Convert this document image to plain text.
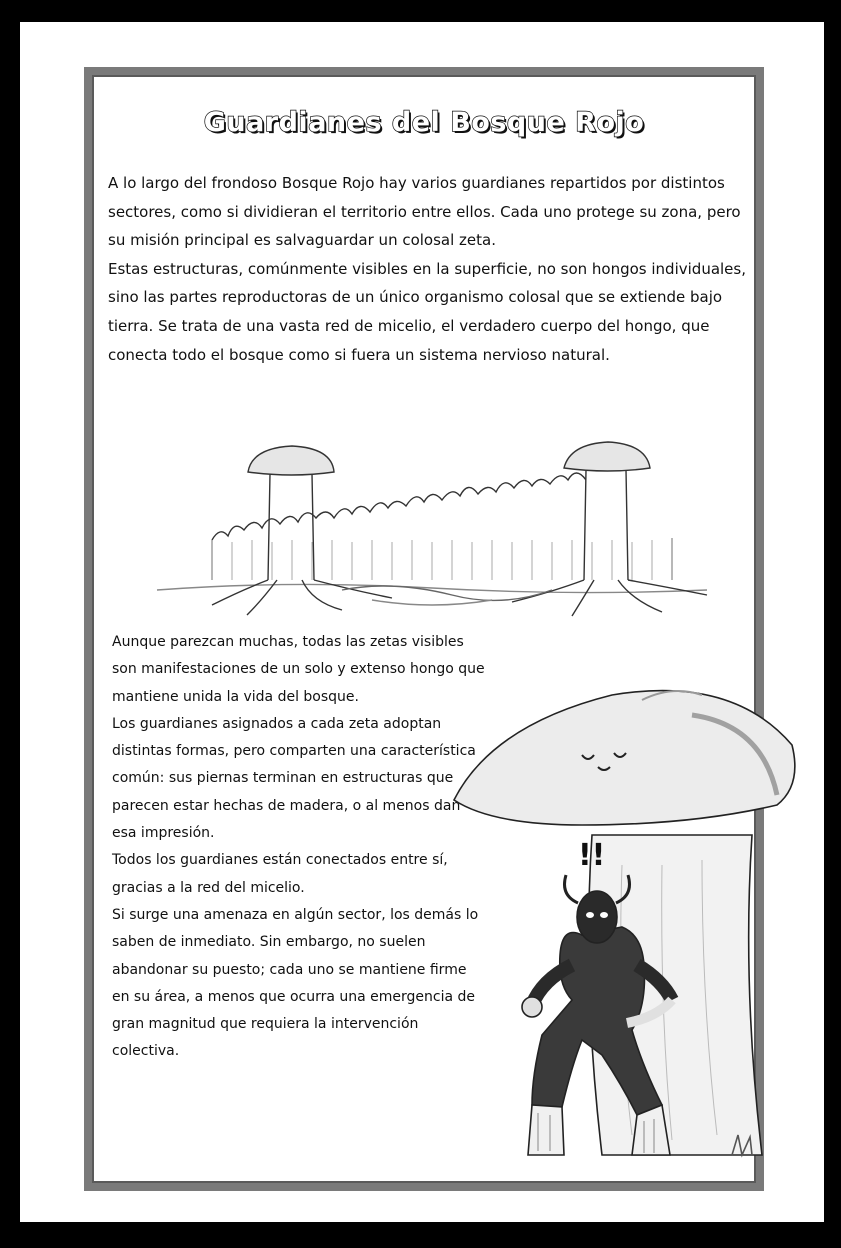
Guardianes del Bosque Rojo

A lo largo del frondoso Bosque Rojo hay varios guardianes repartidos por distintos sectores, como si dividieran el territorio entre ellos. Cada uno protege su zona, pero su misión principal es salvaguardar un colosal zeta.

Estas estructuras, comúnmente visibles en la superficie, no son hongos individuales, sino las partes reproductoras de un único organismo colosal que se extiende bajo tierra. Se trata de una vasta red de micelio, el verdadero cuerpo del hongo, que conecta todo el bosque como si fuera un sistema nervioso natural.

Aunque parezcan muchas, todas las zetas visibles son manifestaciones de un solo y extenso hongo que mantiene unida la vida del bosque.

Los guardianes asignados a cada zeta adoptan distintas formas, pero comparten una característica común: sus piernas terminan en estructuras que parecen estar hechas de madera, o al menos dan esa impresión.

Todos los guardianes están conectados entre sí, gracias a la red del micelio.

Si surge una amenaza en algún sector, los demás lo saben de inmediato. Sin embargo, no suelen abandonar su puesto; cada uno se mantiene firme en su área, a menos que ocurra una emergencia de gran magnitud que requiera la intervención colectiva.

!!
